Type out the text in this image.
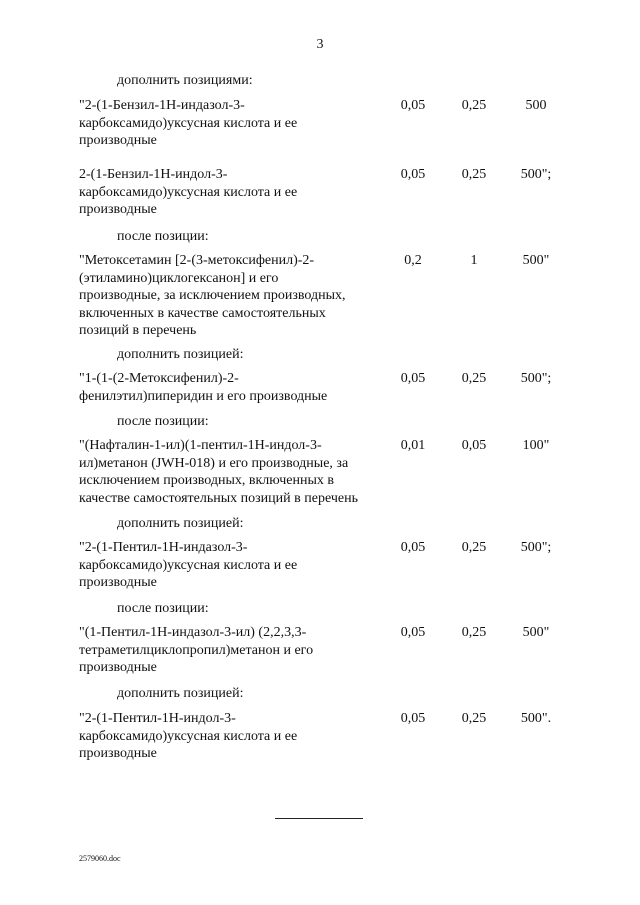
3
дополнить позициями:
"2-(1-Бензил-1Н-индазол-3-
карбоксамидо)уксусная кислота и ее
производные
0,05	0,25	500
2-(1-Бензил-1Н-индол-3-
карбоксамидо)уксусная кислота и ее
производные
0,05	0,25	500";
после позиции:
"Метоксетамин [2-(3-метоксифенил)-2-
(этиламино)циклогексанон] и его
производные, за исключением производных,
включенных в качестве самостоятельных
позиций в перечень
0,2	1	500"
дополнить позицией:
"1-(1-(2-Метоксифенил)-2-
фенилэтил)пиперидин и его производные
0,05	0,25	500";
после позиции:
"(Нафталин-1-ил)(1-пентил-1Н-индол-3-
ил)метанон (JWH-018) и его производные, за
исключением производных, включенных в
качестве самостоятельных позиций в перечень
0,01	0,05	100"
дополнить позицией:
"2-(1-Пентил-1Н-индазол-3-
карбоксамидо)уксусная кислота и ее
производные
0,05	0,25	500";
после позиции:
"(1-Пентил-1Н-индазол-3-ил) (2,2,3,3-
тетраметилциклопропил)метанон и его
производные
0,05	0,25	500"
дополнить позицией:
"2-(1-Пентил-1Н-индол-3-
карбоксамидо)уксусная кислота и ее
производные
0,05	0,25	500".
2579060.doc
